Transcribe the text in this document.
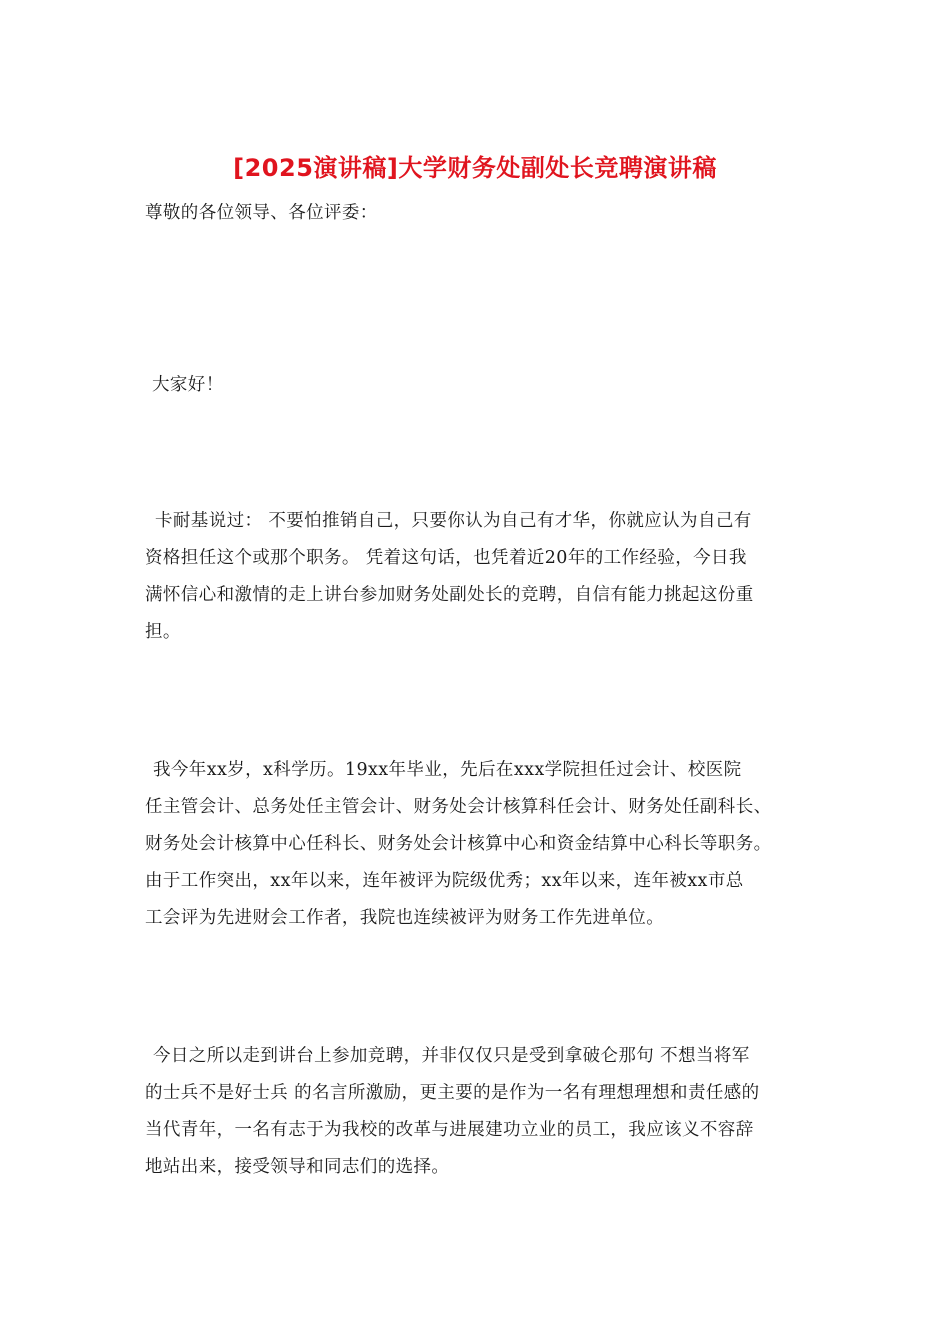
[2025演讲稿]大学财务处副处长竞聘演讲稿

尊敬的各位领导、各位评委：

大家好！

卡耐基说过： 不要怕推销自己，只要你认为自己有才华，你就应认为自己有
资格担任这个或那个职务。 凭着这句话，也凭着近20年的工作经验，今日我
满怀信心和激情的走上讲台参加财务处副处长的竞聘，自信有能力挑起这份重
担。

我今年xx岁，x科学历。19xx年毕业，先后在xxx学院担任过会计、校医院
任主管会计、总务处任主管会计、财务处会计核算科任会计、财务处任副科长、
财务处会计核算中心任科长、财务处会计核算中心和资金结算中心科长等职务。
由于工作突出，xx年以来，连年被评为院级优秀；xx年以来，连年被xx市总
工会评为先进财会工作者，我院也连续被评为财务工作先进单位。

今日之所以走到讲台上参加竞聘，并非仅仅只是受到拿破仑那句 不想当将军
的士兵不是好士兵 的名言所激励，更主要的是作为一名有理想理想和责任感的
当代青年，一名有志于为我校的改革与进展建功立业的员工，我应该义不容辞
地站出来，接受领导和同志们的选择。
